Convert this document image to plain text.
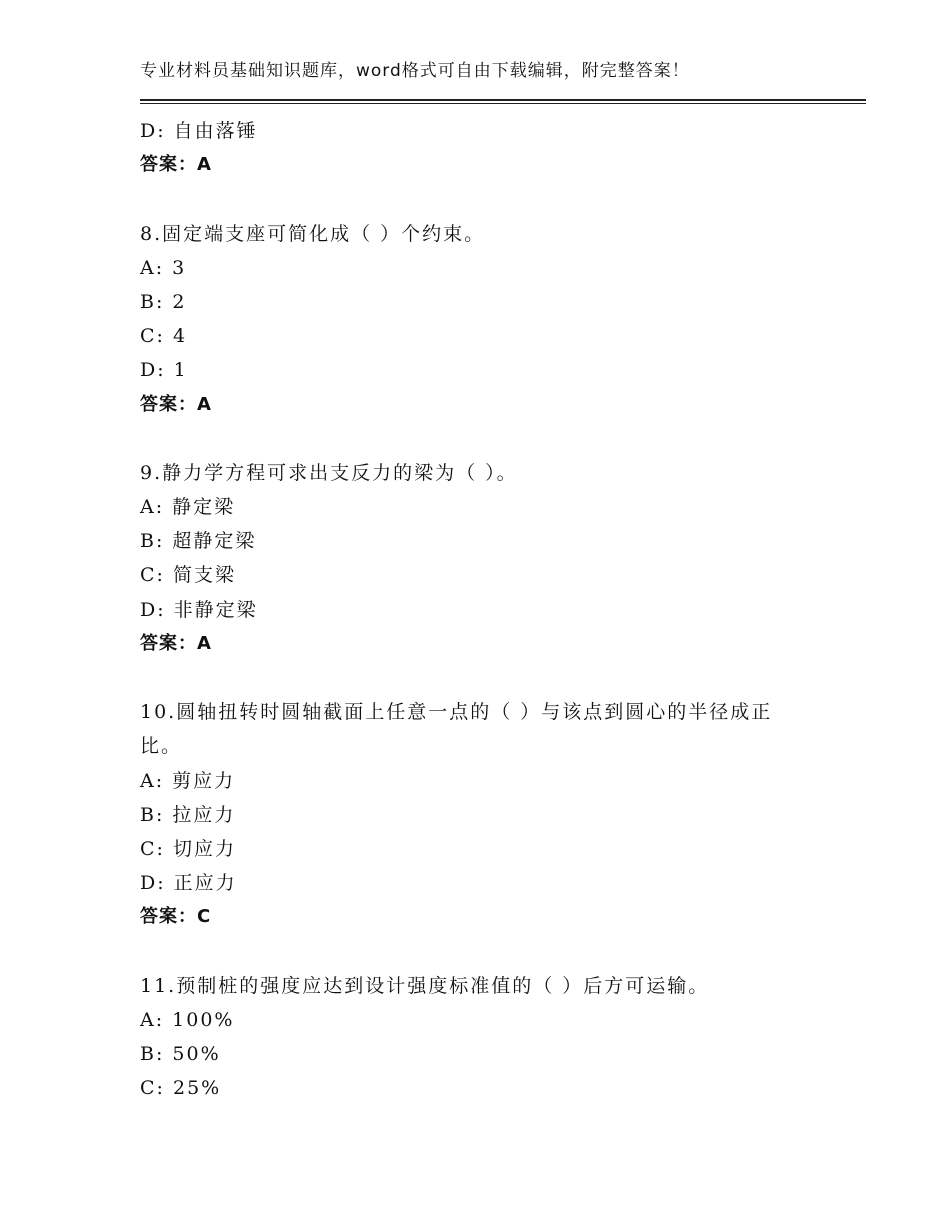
专业材料员基础知识题库，word格式可自由下载编辑，附完整答案！
D: 自由落锤
答案：A
8.固定端支座可简化成（ ）个约束。
A: 3
B: 2
C: 4
D: 1
答案：A
9.静力学方程可求出支反力的梁为（ ）。
A: 静定梁
B: 超静定梁
C: 简支梁
D: 非静定梁
答案：A
10.圆轴扭转时圆轴截面上任意一点的（ ）与该点到圆心的半径成正比。
A: 剪应力
B: 拉应力
C: 切应力
D: 正应力
答案：C
11.预制桩的强度应达到设计强度标准值的（ ）后方可运输。
A: 100%
B: 50%
C: 25%
